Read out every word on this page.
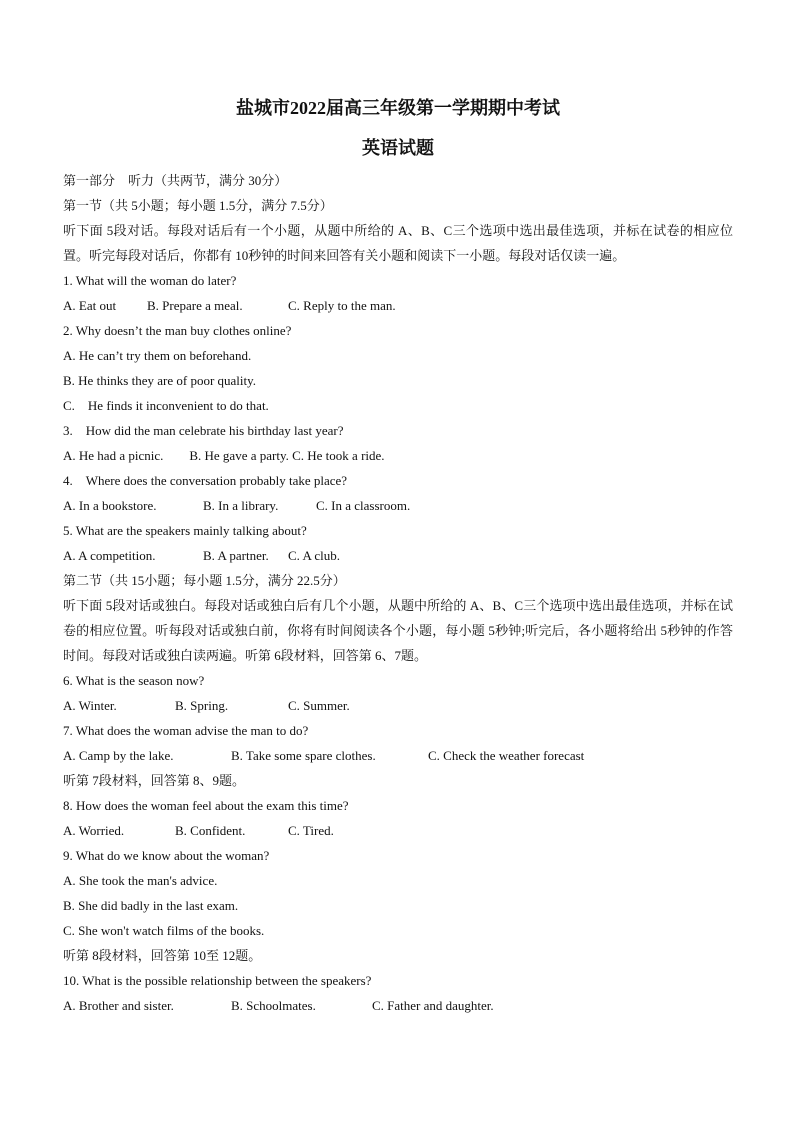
盐城市2022届高三年级第一学期期中考试
英语试题
第一部分　听力（共两节，满分 30分）
第一节（共 5小题；每小题 1.5分，满分 7.5分）
听下面 5段对话。每段对话后有一个小题，从题中所给的 A、B、C三个选项中选出最佳选项，并标在试卷的相应位置。听完每段对话后，你都有 10秒钟的时间来回答有关小题和阅读下一小题。每段对话仅读一遍。
1. What will the woman do later?
A. Eat out B. Prepare a meal.	C. Reply to the man.
2. Why doesn’t the man buy clothes online?
A. He can’t try them on beforehand.
B. He thinks they are of poor quality.
C.　He finds it inconvenient to do that.
3.　How did the man celebrate his birthday last year?
A. He had a picnic.　　B. He gave a party. C. He took a ride.
4.　Where does the conversation probably take place?
A. In a bookstore.	B. In a library.	C. In a classroom.
5. What are the speakers mainly talking about?
A. A competition.	B. A partner. C. A club.
第二节（共 15小题；每小题 1.5分，满分 22.5分）
听下面 5段对话或独白。每段对话或独白后有几个小题，从题中所给的 A、B、C三个选项中选出最佳选项，并标在试卷的相应位置。听每段对话或独白前，你将有时间阅读各个小题，每小题 5秒钟;听完后，各小题将给出 5秒钟的作答时间。每段对话或独白读两遍。听第 6段材料，回答第 6、7题。
6. What is the season now?
A. Winter.	B. Spring.	C. Summer.
7. What does the woman advise the man to do?
A. Camp by the lake.	B. Take some spare clothes.	C. Check the weather forecast
听第 7段材料，回答第 8、9题。
8. How does the woman feel about the exam this time?
A. Worried.	B. Confident.	C. Tired.
9. What do we know about the woman?
A. She took the man's advice.
B. She did badly in the last exam.
C. She won't watch films of the books.
听第 8段材料，回答第 10至 12题。
10. What is the possible relationship between the speakers?
A. Brother and sister.	B. Schoolmates.	C. Father and daughter.
